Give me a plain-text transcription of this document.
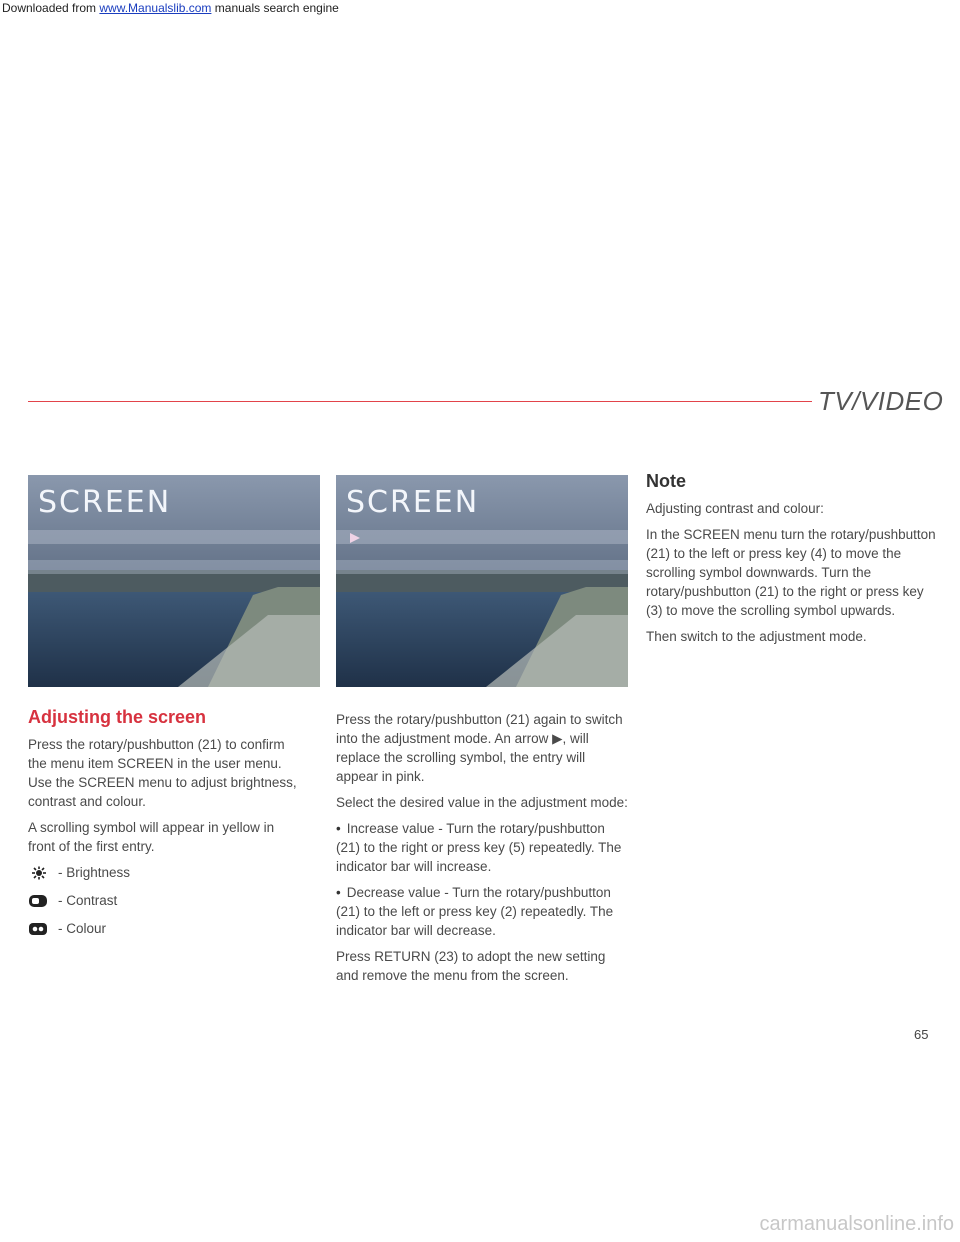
Downloaded from www.Manualslib.com manuals search engine
TV/VIDEO
SCREEN	SCREEN
Adjusting the screen

Press the rotary/pushbutton (21) to confirm the menu item SCREEN in the user menu. Use the SCREEN menu to adjust brightness, contrast and colour.

A scrolling symbol will appear in yellow in front of the first entry.

- Brightness
- Contrast
- Colour

Press the rotary/pushbutton (21) again to switch into the adjustment mode. An arrow ▶, will replace the scrolling symbol, the entry will appear in pink.

Select the desired value in the adjustment mode:

• Increase value - Turn the rotary/pushbutton (21) to the right or press key (5) repeatedly. The indicator bar will increase.

• Decrease value - Turn the rotary/pushbutton (21) to the left or press key (2) repeatedly. The indicator bar will decrease.

Press RETURN (23) to adopt the new setting and remove the menu from the screen.

Note

Adjusting contrast and colour:

In the SCREEN menu turn the rotary/pushbutton (21) to the left or press key (4) to move the scrolling symbol downwards. Turn the rotary/pushbutton (21) to the right or press key (3) to move the scrolling symbol upwards.

Then switch to the adjustment mode.

65
carmanualsonline.info
